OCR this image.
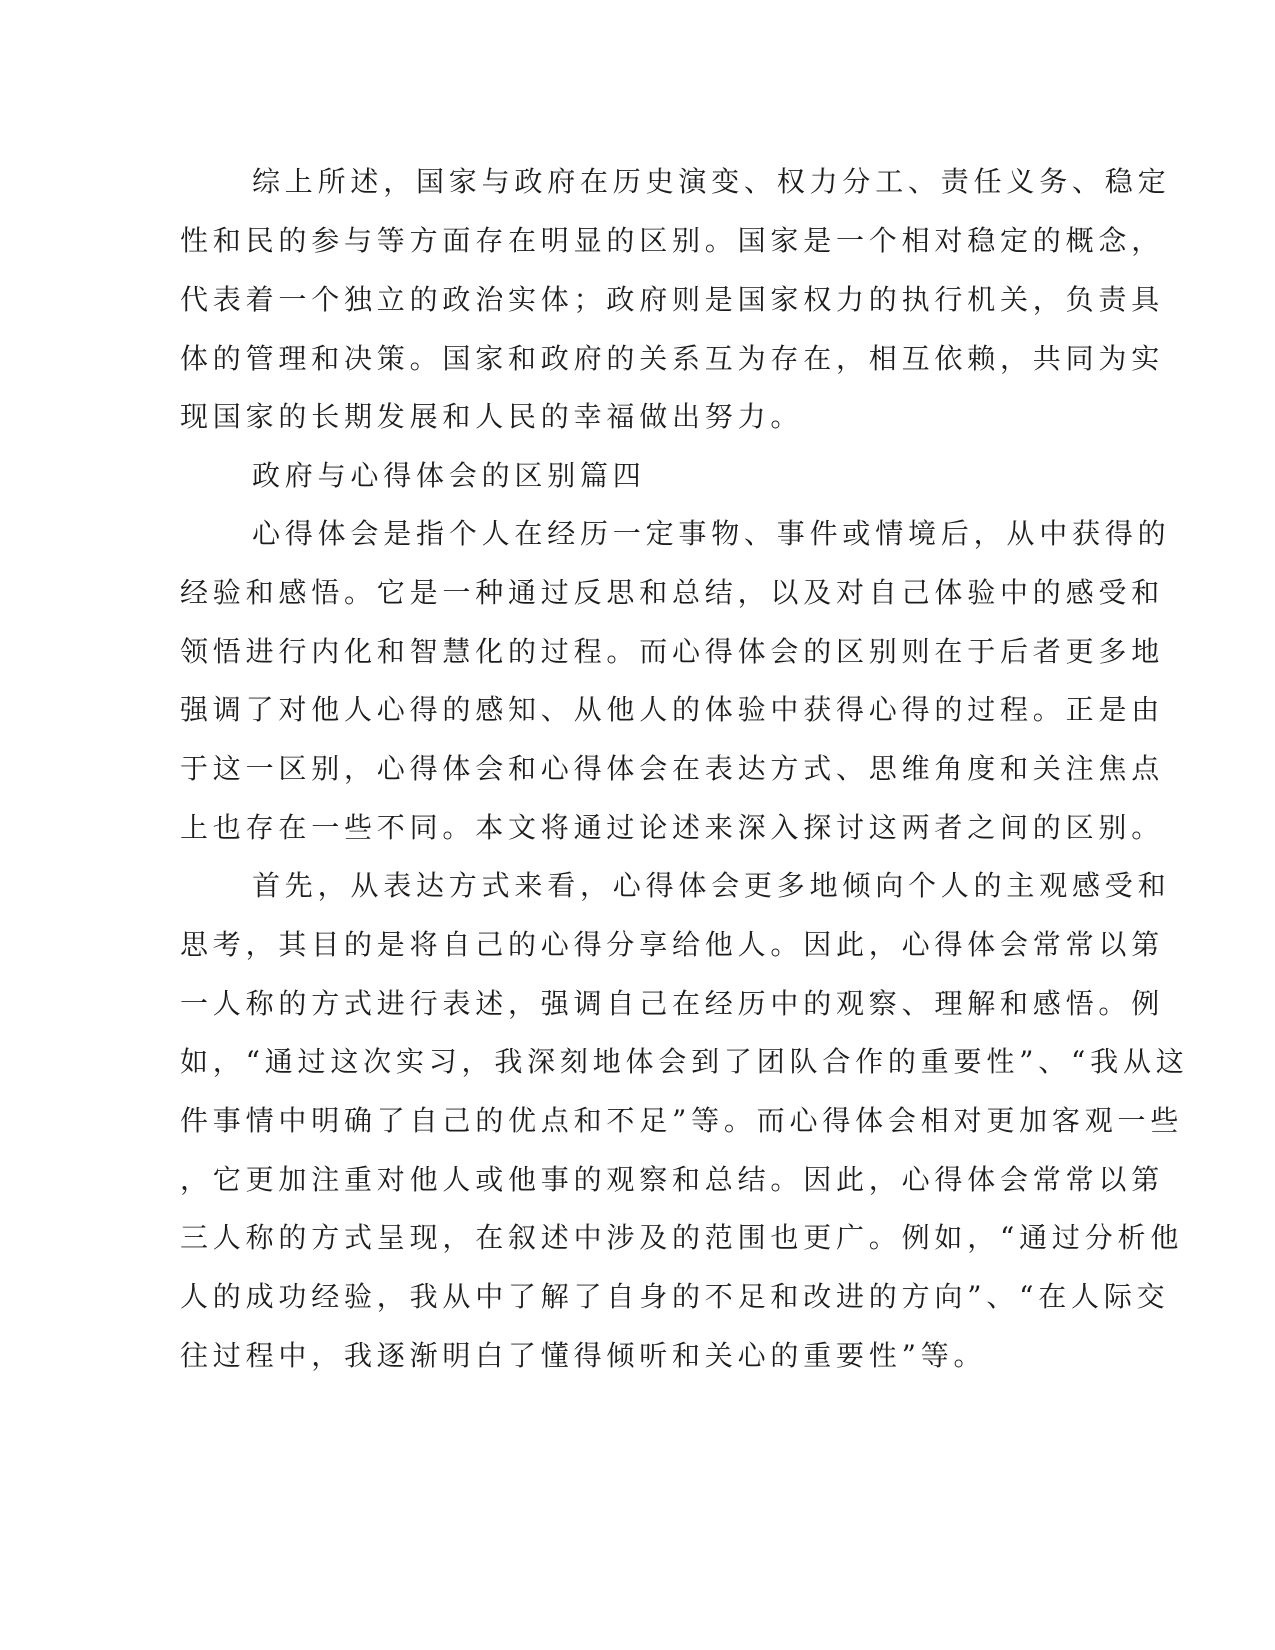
综上所述，国家与政府在历史演变、权力分工、责任义务、稳定
性和民的参与等方面存在明显的区别。国家是一个相对稳定的概念，
代表着一个独立的政治实体；政府则是国家权力的执行机关，负责具
体的管理和决策。国家和政府的关系互为存在，相互依赖，共同为实
现国家的长期发展和人民的幸福做出努力。
政府与心得体会的区别篇四
心得体会是指个人在经历一定事物、事件或情境后，从中获得的
经验和感悟。它是一种通过反思和总结，以及对自己体验中的感受和
领悟进行内化和智慧化的过程。而心得体会的区别则在于后者更多地
强调了对他人心得的感知、从他人的体验中获得心得的过程。正是由
于这一区别，心得体会和心得体会在表达方式、思维角度和关注焦点
上也存在一些不同。本文将通过论述来深入探讨这两者之间的区别。
首先，从表达方式来看，心得体会更多地倾向个人的主观感受和
思考，其目的是将自己的心得分享给他人。因此，心得体会常常以第
一人称的方式进行表述，强调自己在经历中的观察、理解和感悟。例
如，“通过这次实习，我深刻地体会到了团队合作的重要性”、“我从这
件事情中明确了自己的优点和不足”等。而心得体会相对更加客观一些
，它更加注重对他人或他事的观察和总结。因此，心得体会常常以第
三人称的方式呈现，在叙述中涉及的范围也更广。例如，“通过分析他
人的成功经验，我从中了解了自身的不足和改进的方向”、“在人际交
往过程中，我逐渐明白了懂得倾听和关心的重要性”等。
